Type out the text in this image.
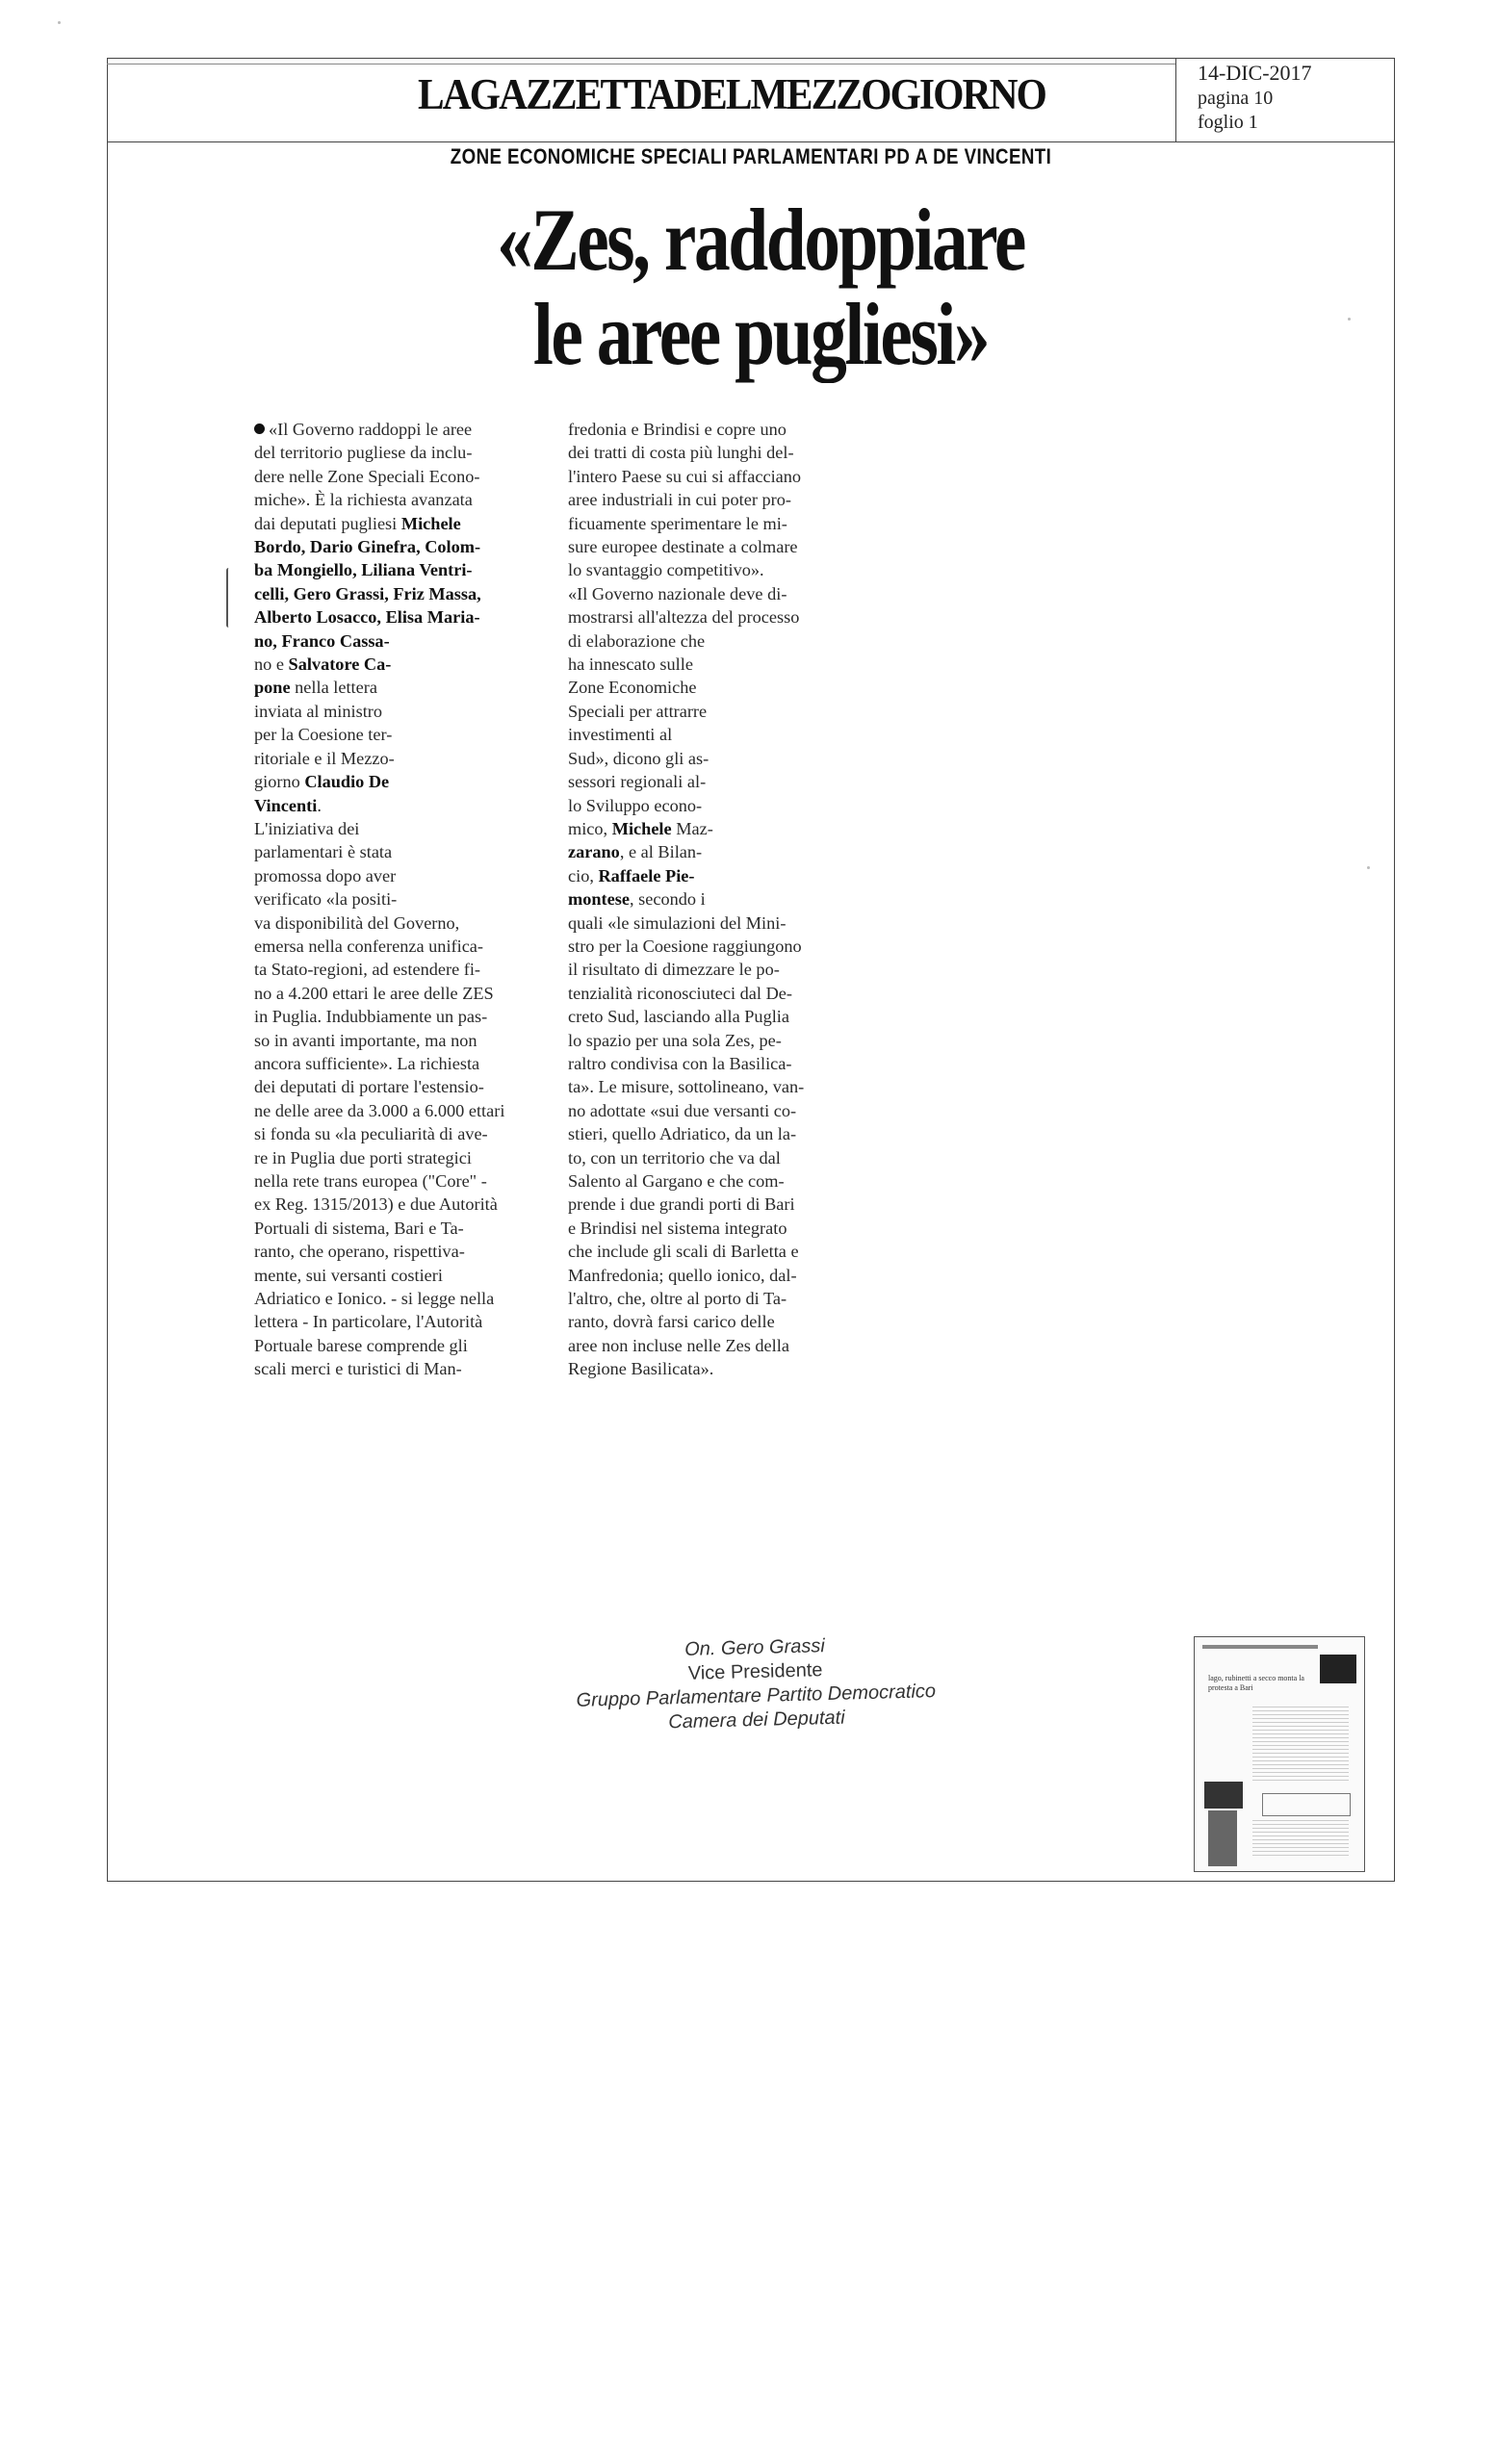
LAGAZZETTADELMEZZOGIORNO	14-DIC-2017
pagina 10
foglio 1
ZONE ECONOMICHE SPECIALI PARLAMENTARI PD A DE VINCENTI
«Zes, raddoppiare
le aree pugliesi»
«Il Governo raddoppi le aree
del territorio pugliese da inclu-
dere nelle Zone Speciali Econo-
miche». È la richiesta avanzata
dai deputati pugliesi Michele
Bordo, Dario Ginefra, Colom-
ba Mongiello, Liliana Ventri-
celli, Gero Grassi, Friz Massa,
Alberto Losacco, Elisa Maria-
no, Franco Cassa-
no e Salvatore Ca-
pone nella lettera
inviata al ministro
per la Coesione ter-
ritoriale e il Mezzo-
giorno Claudio De
Vincenti.
L'iniziativa dei
parlamentari è stata
promossa dopo aver
verificato «la positi-
va disponibilità del Governo,
emersa nella conferenza unifica-
ta Stato-regioni, ad estendere fi-
no a 4.200 ettari le aree delle ZES
in Puglia. Indubbiamente un pas-
so in avanti importante, ma non
ancora sufficiente». La richiesta
dei deputati di portare l'estensio-
ne delle aree da 3.000 a 6.000 ettari
si fonda su «la peculiarità di ave-
re in Puglia due porti strategici
nella rete trans europea ("Core" -
ex Reg. 1315/2013) e due Autorità
Portuali di sistema, Bari e Ta-
ranto, che operano, rispettiva-
mente, sui versanti costieri
Adriatico e Ionico. - si legge nella
lettera - In particolare, l'Autorità
Portuale barese comprende gli
scali merci e turistici di Man-
fredonia e Brindisi e copre uno
dei tratti di costa più lunghi del-
l'intero Paese su cui si affacciano
aree industriali in cui poter pro-
ficuamente sperimentare le mi-
sure europee destinate a colmare
lo svantaggio competitivo».
«Il Governo nazionale deve di-
mostrarsi all'altezza del processo
di elaborazione che
ha innescato sulle
Zone Economiche
Speciali per attrarre
investimenti al
Sud», dicono gli as-
sessori regionali al-
lo Sviluppo econo-
mico, Michele Maz-
zarano, e al Bilan-
cio, Raffaele Pie-
montese, secondo i
quali «le simulazioni del Mini-
stro per la Coesione raggiungono
il risultato di dimezzare le po-
tenzialità riconosciuteci dal De-
creto Sud, lasciando alla Puglia
lo spazio per una sola Zes, pe-
raltro condivisa con la Basilica-
ta». Le misure, sottolineano, van-
no adottate «sui due versanti co-
stieri, quello Adriatico, da un la-
to, con un territorio che va dal
Salento al Gargano e che com-
prende i due grandi porti di Bari
e Brindisi nel sistema integrato
che include gli scali di Barletta e
Manfredonia; quello ionico, dal-
l'altro, che, oltre al porto di Ta-
ranto, dovrà farsi carico delle
aree non incluse nelle Zes della
Regione Basilicata».
On. Gero Grassi
Vice Presidente
Gruppo Parlamentare Partito Democratico
Camera dei Deputati
lago, rubinetti a secco monta la protesta a Bari
